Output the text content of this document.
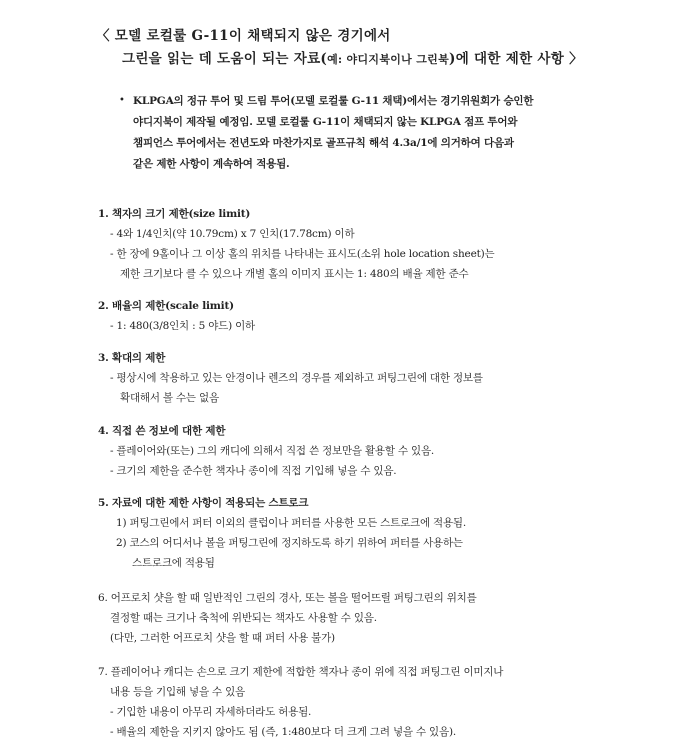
〈 모델 로컬룰 G-11이 채택되지 않은 경기에서
그린을 읽는 데 도움이 되는 자료(예: 야디지북이나 그린북)에 대한 제한 사항 〉
• KLPGA의 정규 투어 및 드림 투어(모델 로컬룰 G-11 채택)에서는 경기위원회가 승인한
야디지북이 제작될 예정임. 모델 로컬룰 G-11이 채택되지 않는 KLPGA 점프 투어와
챔피언스 투어에서는 전년도와 마찬가지로 골프규칙 해석 4.3a/1에 의거하여 다음과
같은 제한 사항이 계속하여 적용됨.
1. 책자의 크기 제한(size limit)
- 4와 1/4인치(약 10.79cm) x 7 인치(17.78cm) 이하
- 한 장에 9홀이나 그 이상 홀의 위치를 나타내는 표시도(소위 hole location sheet)는
제한 크기보다 클 수 있으나 개별 홀의 이미지 표시는 1: 480의 배율 제한 준수
2. 배율의 제한(scale limit)
- 1: 480(3/8인치 : 5 야드) 이하
3. 확대의 제한
- 평상시에 착용하고 있는 안경이나 렌즈의 경우를 제외하고 퍼팅그린에 대한 정보를
확대해서 볼 수는 없음
4. 직접 쓴 정보에 대한 제한
- 플레이어와(또는) 그의 캐디에 의해서 직접 쓴 정보만을 활용할 수 있음.
- 크기의 제한을 준수한 책자나 종이에 직접 기입해 넣을 수 있음.
5. 자료에 대한 제한 사항이 적용되는 스트로크
1) 퍼팅그린에서 퍼터 이외의 클럽이나 퍼터를 사용한 모든 스트로크에 적용됨.
2) 코스의 어디서나 볼을 퍼팅그린에 정지하도록 하기 위하여 퍼터를 사용하는
스트로크에 적용됨
6. 어프로치 샷을 할 때 일반적인 그린의 경사, 또는 볼을 떨어뜨릴 퍼팅그린의 위치를
결정할 때는 크기나 축척에 위반되는 책자도 사용할 수 있음.
(다만, 그러한 어프로치 샷을 할 때 퍼터 사용 불가)
7. 플레이어나 캐디는 손으로 크기 제한에 적합한 책자나 종이 위에 직접 퍼팅그린 이미지나
내용 등을 기입해 넣을 수 있음
- 기입한 내용이 아무리 자세하더라도 허용됨.
- 배율의 제한을 지키지 않아도 됨 (즉, 1:480보다 더 크게 그려 넣을 수 있음).
